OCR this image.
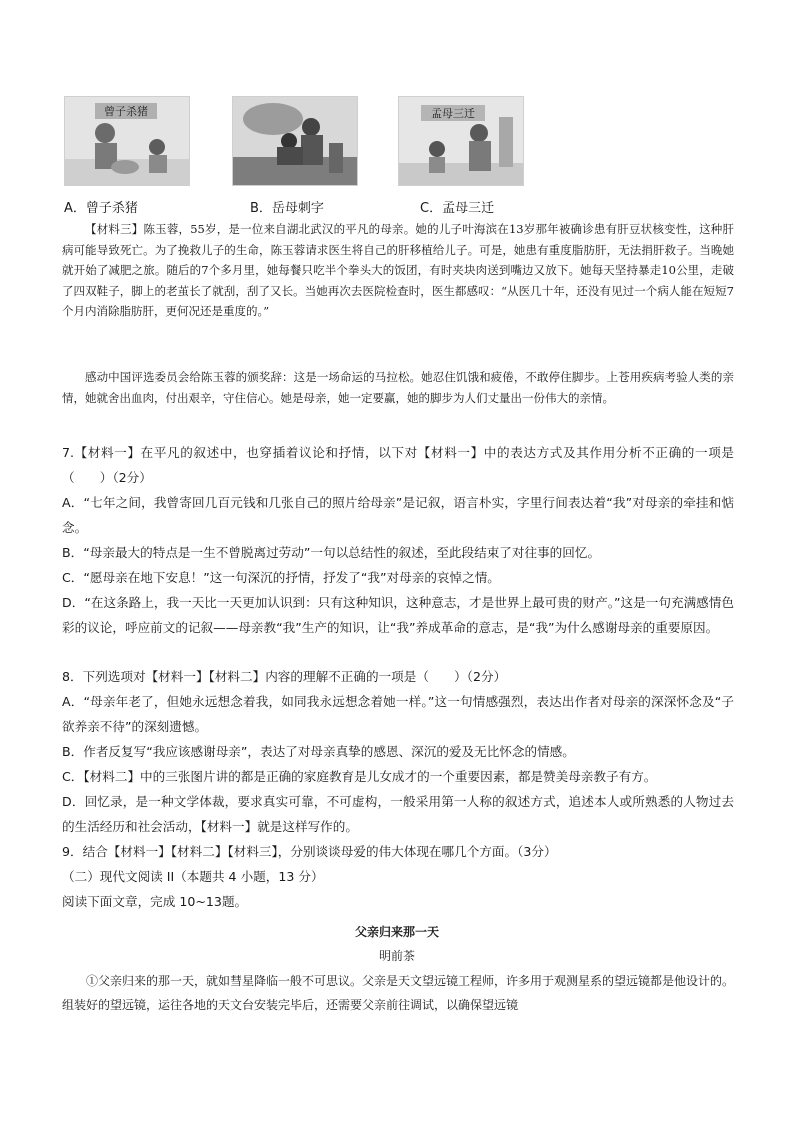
曾子杀猪
A．曾子杀猪	B．岳母刺字
孟母三迁
C．孟母三迁

【材料三】陈玉蓉，55岁，是一位来自湖北武汉的平凡的母亲。她的儿子叶海滨在13岁那年被确诊患有肝豆状核变性，这种肝病可能导致死亡。为了挽救儿子的生命，陈玉蓉请求医生将自己的肝移植给儿子。可是，她患有重度脂肪肝，无法捐肝救子。当晚她就开始了减肥之旅。随后的7个多月里，她每餐只吃半个拳头大的饭团，有时夹块肉送到嘴边又放下。她每天坚持暴走10公里，走破了四双鞋子，脚上的老茧长了就刮，刮了又长。当她再次去医院检查时，医生都感叹：“从医几十年，还没有见过一个病人能在短短7个月内消除脂肪肝，更何况还是重度的。”

感动中国评选委员会给陈玉蓉的颁奖辞：这是一场命运的马拉松。她忍住饥饿和疲倦，不敢停住脚步。上苍用疾病考验人类的亲情，她就舍出血肉，付出艰辛，守住信心。她是母亲，她一定要赢，她的脚步为人们丈量出一份伟大的亲情。

7.【材料一】在平凡的叙述中，也穿插着议论和抒情，以下对【材料一】中的表达方式及其作用分析不正确的一项是（　　）（2分）
A．“七年之间，我曾寄回几百元钱和几张自己的照片给母亲”是记叙，语言朴实，字里行间表达着“我”对母亲的牵挂和惦念。
B．“母亲最大的特点是一生不曾脱离过劳动”一句以总结性的叙述，至此段结束了对往事的回忆。
C．“愿母亲在地下安息！”这一句深沉的抒情，抒发了“我”对母亲的哀悼之情。
D．“在这条路上，我一天比一天更加认识到：只有这种知识，这种意志，才是世界上最可贵的财产。”这是一句充满感情色彩的议论，呼应前文的记叙——母亲教“我”生产的知识，让“我”养成革命的意志，是“我”为什么感谢母亲的重要原因。
8．下列选项对【材料一】【材料二】内容的理解不正确的一项是（　　）（2分）
A．“母亲年老了，但她永远想念着我，如同我永远想念着她一样。”这一句情感强烈，表达出作者对母亲的深深怀念及“子欲养亲不待”的深刻遗憾。
B．作者反复写“我应该感谢母亲”，表达了对母亲真挚的感恩、深沉的爱及无比怀念的情感。
C．【材料二】中的三张图片讲的都是正确的家庭教育是儿女成才的一个重要因素，都是赞美母亲教子有方。
D．回忆录，是一种文学体裁，要求真实可靠，不可虚构，一般采用第一人称的叙述方式，追述本人或所熟悉的人物过去的生活经历和社会活动，【材料一】就是这样写作的。
9．结合【材料一】【材料二】【材料三】，分别谈谈母爱的伟大体现在哪几个方面。（3分）
（二）现代文阅读 II（本题共 4 小题，13 分）
阅读下面文章，完成 10~13题。

父亲归来那一天

明前茶

①父亲归来的那一天，就如彗星降临一般不可思议。父亲是天文望远镜工程师，许多用于观测星系的望远镜都是他设计的。组装好的望远镜，运往各地的天文台安装完毕后，还需要父亲前往调试，以确保望远镜
